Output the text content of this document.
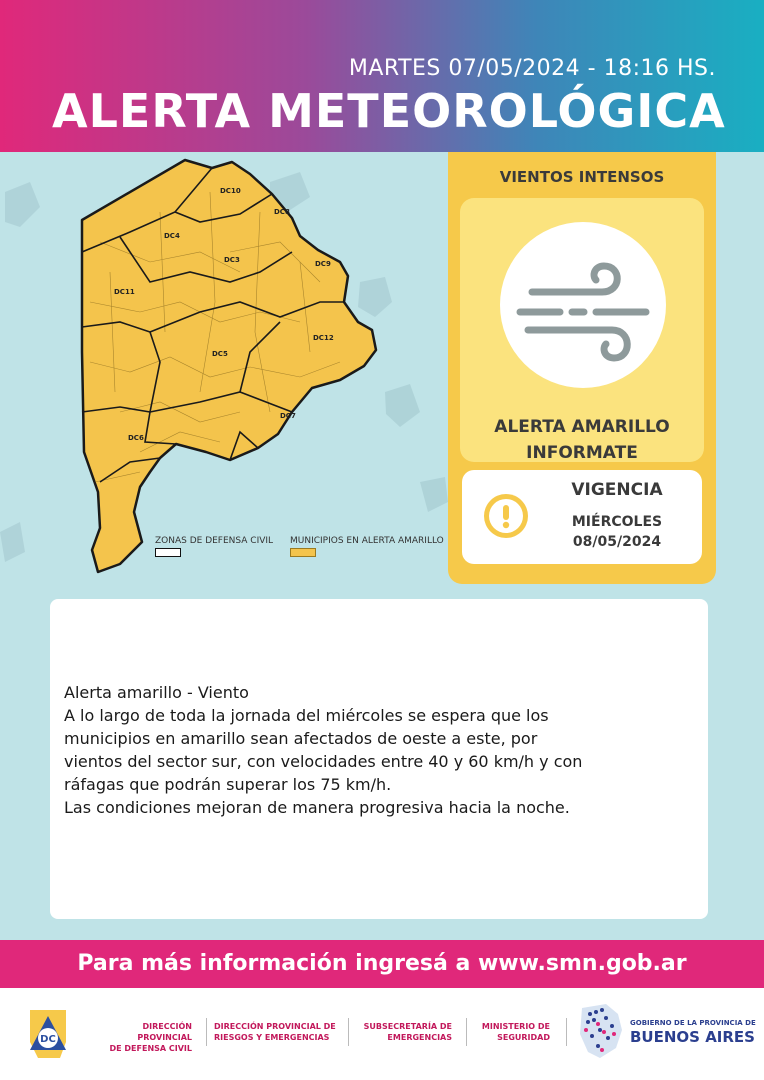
MARTES 07/05/2024 - 18:16 HS.
ALERTA METEOROLÓGICA
DC10
DC8
DC4
DC3	DC9
DC11
DC12
DC5
DC7
DC6
ZONAS DE DEFENSA CIVIL MUNICIPIOS EN ALERTA AMARILLO
VIENTOS INTENSOS
ALERTA AMARILLO
INFORMATE
VIGENCIA
MIÉRCOLES
08/05/2024

Alerta amarillo - Viento

A lo largo de toda la jornada del miércoles se espera que los

municipios en amarillo sean afectados de oeste a este, por

vientos del sector sur, con velocidades entre 40 y 60 km/h y con

ráfagas que podrán superar los 75 km/h.

Las condiciones mejoran de manera progresiva hacia la noche.

Para más información ingresá a www.smn.gob.ar
DC
DIRECCIÓN PROVINCIAL
DE DEFENSA CIVIL
DIRECCIÓN PROVINCIAL DE
RIESGOS Y EMERGENCIAS
SUBSECRETARÍA DE
EMERGENCIAS
MINISTERIO DE
SEGURIDAD
GOBIERNO DE LA PROVINCIA DE
BUENOS AIRES
